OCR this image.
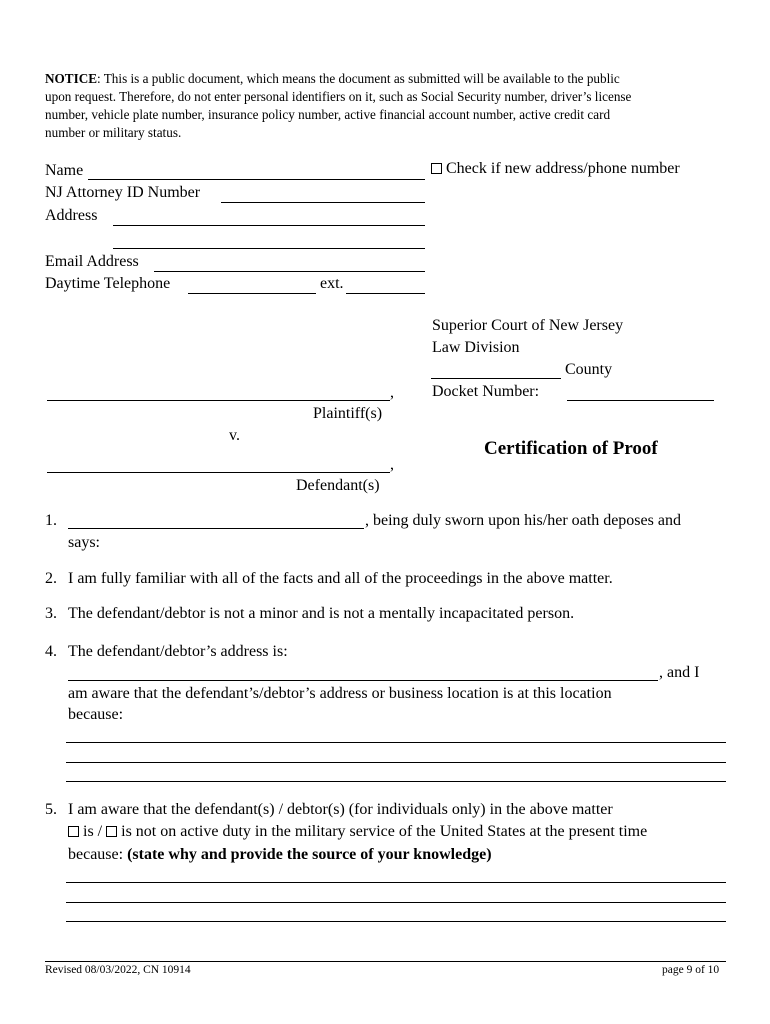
NOTICE: This is a public document, which means the document as submitted will be available to the public

upon request. Therefore, do not enter personal identifiers on it, such as Social Security number, driver’s license

number, vehicle plate number, insurance policy number, active financial account number, active credit card

number or military status.

Name
NJ Attorney ID Number
Address
Email Address
Daytime Telephone	ext.
Check if new address/phone number
Superior Court of New Jersey
Law Division
County
Docket Number:
,
Plaintiff(s)
v.
,
Defendant(s)
Certification of Proof
1.	, being duly sworn upon his/her oath deposes and
says:
2. I am fully familiar with all of the facts and all of the proceedings in the above matter.
3. The defendant/debtor is not a minor and is not a mentally incapacitated person.
4. The defendant/debtor’s address is:
, and I
am aware that the defendant’s/debtor’s address or business location is at this location
because:
5. I am aware that the defendant(s) / debtor(s) (for individuals only) in the above matter
is / is not on active duty in the military service of the United States at the present time
because: (state why and provide the source of your knowledge)
Revised 08/03/2022, CN 10914	page 9 of 10
